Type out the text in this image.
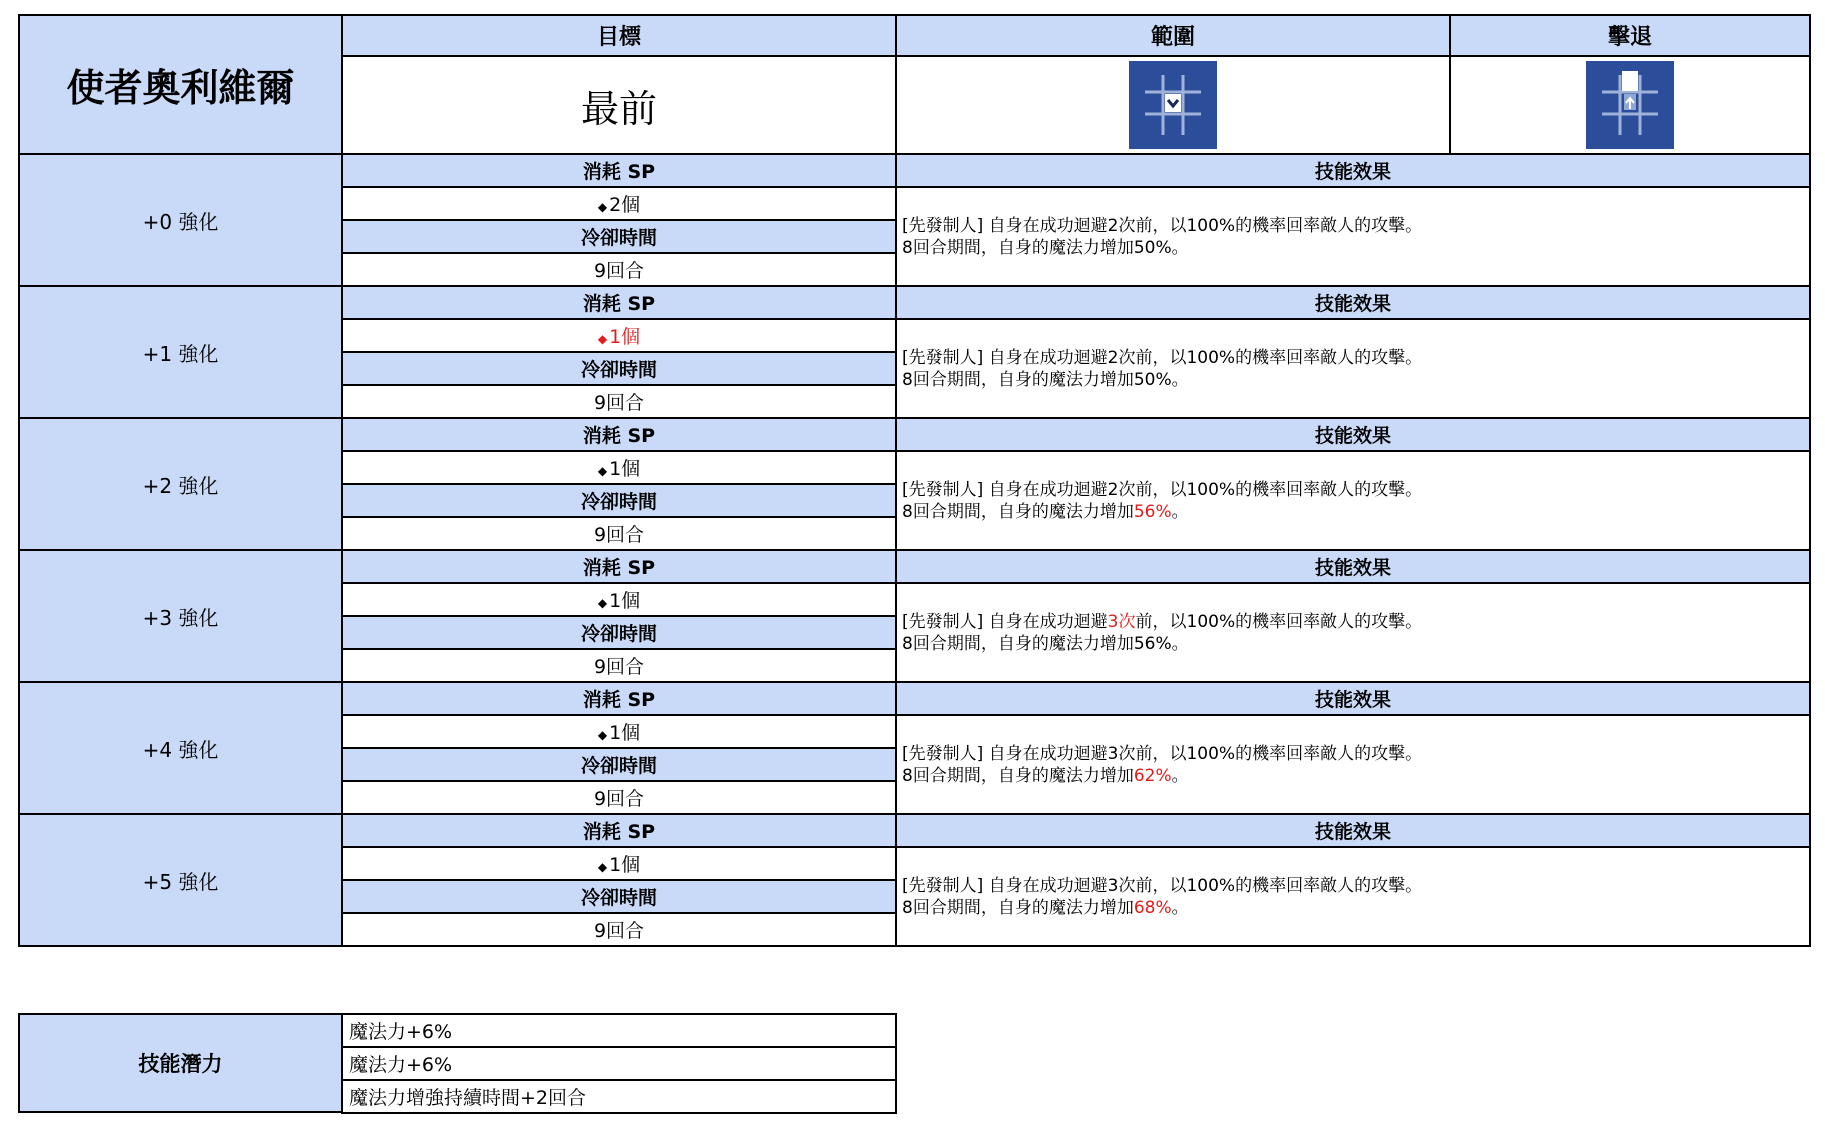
使者奧利維爾
目標	範圍	擊退
最前
+0 強化
消耗 SP
◆ 2個
冷卻時間
9回合
技能效果
[先發制人] 自身在成功迴避2次前，以100%的機率回率敵人的攻擊。
8回合期間，自身的魔法力增加50%。
+1 強化
消耗 SP
◆ 1個
冷卻時間
9回合
技能效果
[先發制人] 自身在成功迴避2次前，以100%的機率回率敵人的攻擊。
8回合期間，自身的魔法力增加50%。
+2 強化
消耗 SP
◆ 1個
冷卻時間
9回合
技能效果
[先發制人] 自身在成功迴避2次前，以100%的機率回率敵人的攻擊。
8回合期間，自身的魔法力增加56%。
+3 強化
消耗 SP
◆ 1個
冷卻時間
9回合
技能效果
[先發制人] 自身在成功迴避3次前，以100%的機率回率敵人的攻擊。
8回合期間，自身的魔法力增加56%。
+4 強化
消耗 SP
◆ 1個
冷卻時間
9回合
技能效果
[先發制人] 自身在成功迴避3次前，以100%的機率回率敵人的攻擊。
8回合期間，自身的魔法力增加62%。
+5 強化
消耗 SP
◆ 1個
冷卻時間
9回合
技能效果
[先發制人] 自身在成功迴避3次前，以100%的機率回率敵人的攻擊。
8回合期間，自身的魔法力增加68%。
技能潛力
魔法力+6%
魔法力+6%
魔法力增強持續時間+2回合
